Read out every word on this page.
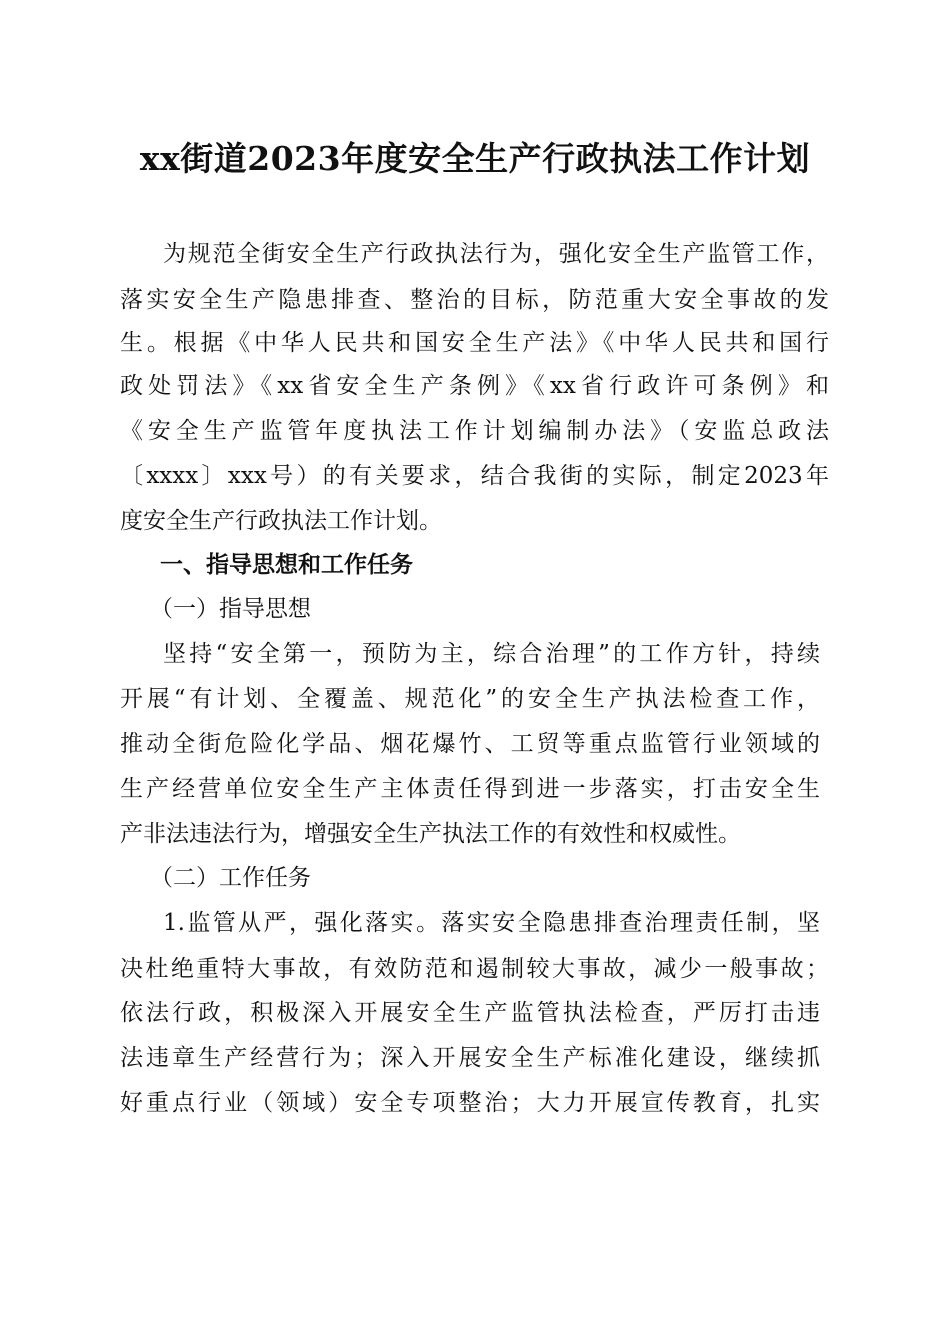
xx街道2023年度安全生产行政执法工作计划
为规范全街安全生产行政执法行为，强化安全生产监管工作，
落实安全生产隐患排查、整治的目标，防范重大安全事故的发
生。根据《中华人民共和国安全生产法》《中华人民共和国行
政处罚法》《xx省安全生产条例》《xx省行政许可条例》和
《安全生产监管年度执法工作计划编制办法》（安监总政法
〔xxxx〕xxx号）的有关要求，结合我街的实际，制定2023年
度安全生产行政执法工作计划。
一、指导思想和工作任务
（一）指导思想
坚持“安全第一，预防为主，综合治理”的工作方针，持续
开展“有计划、全覆盖、规范化”的安全生产执法检查工作，
推动全街危险化学品、烟花爆竹、工贸等重点监管行业领域的
生产经营单位安全生产主体责任得到进一步落实，打击安全生
产非法违法行为，增强安全生产执法工作的有效性和权威性。
（二）工作任务
1.监管从严，强化落实。落实安全隐患排查治理责任制，坚
决杜绝重特大事故，有效防范和遏制较大事故，减少一般事故；
依法行政，积极深入开展安全生产监管执法检查，严厉打击违
法违章生产经营行为；深入开展安全生产标准化建设，继续抓
好重点行业（领域）安全专项整治；大力开展宣传教育，扎实
